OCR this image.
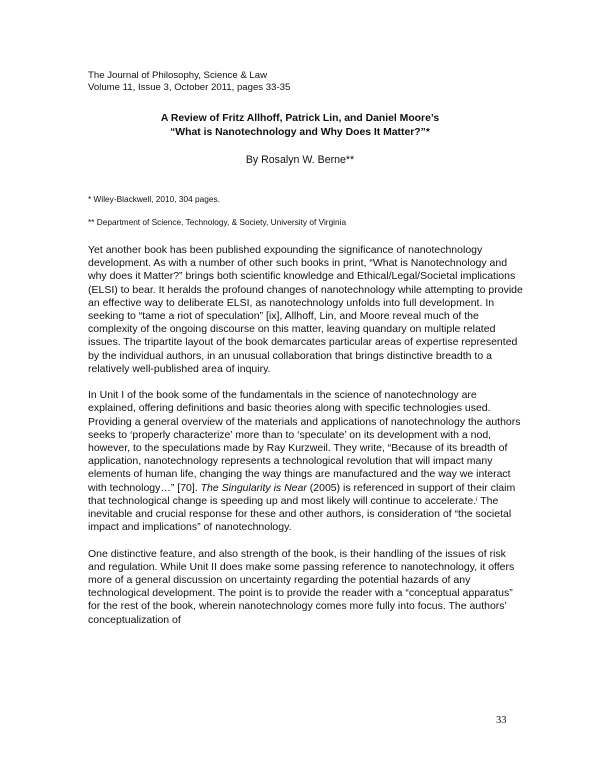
The Journal of Philosophy, Science & Law
Volume 11, Issue 3, October 2011, pages 33-35
A Review of Fritz Allhoff, Patrick Lin, and Daniel Moore’s
“What is Nanotechnology and Why Does It Matter?”*
By Rosalyn W. Berne**
* Wiley-Blackwell, 2010, 304 pages.
** Department of Science, Technology, & Society, University of Virginia

Yet another book has been published expounding the significance of nanotechnology development. As with a number of other such books in print, “What is Nanotechnology and why does it Matter?” brings both scientific knowledge and Ethical/Legal/Societal implications (ELSI) to bear. It heralds the profound changes of nanotechnology while attempting to provide an effective way to deliberate ELSI, as nanotechnology unfolds into full development. In seeking to “tame a riot of speculation” [ix], Allhoff, Lin, and Moore reveal much of the complexity of the ongoing discourse on this matter, leaving quandary on multiple related issues. The tripartite layout of the book demarcates particular areas of expertise represented by the individual authors, in an unusual collaboration that brings distinctive breadth to a relatively well-published area of inquiry.

In Unit I of the book some of the fundamentals in the science of nanotechnology are explained, offering definitions and basic theories along with specific technologies used. Providing a general overview of the materials and applications of nanotechnology the authors seeks to ‘properly characterize’ more than to ‘speculate’ on its development with a nod, however, to the speculations made by Ray Kurzweil. They write, “Because of its breadth of application, nanotechnology represents a technological revolution that will impact many elements of human life, changing the way things are manufactured and the way we interact with technology…” [70]. The Singularity is Near (2005) is referenced in support of their claim that technological change is speeding up and most likely will continue to accelerate.$^i$ The inevitable and crucial response for these and other authors, is consideration of “the societal impact and implications” of nanotechnology.

One distinctive feature, and also strength of the book, is their handling of the issues of risk and regulation. While Unit II does make some passing reference to nanotechnology, it offers more of a general discussion on uncertainty regarding the potential hazards of any technological development. The point is to provide the reader with a “conceptual apparatus” for the rest of the book, wherein nanotechnology comes more fully into focus. The authors’ conceptualization of

33
